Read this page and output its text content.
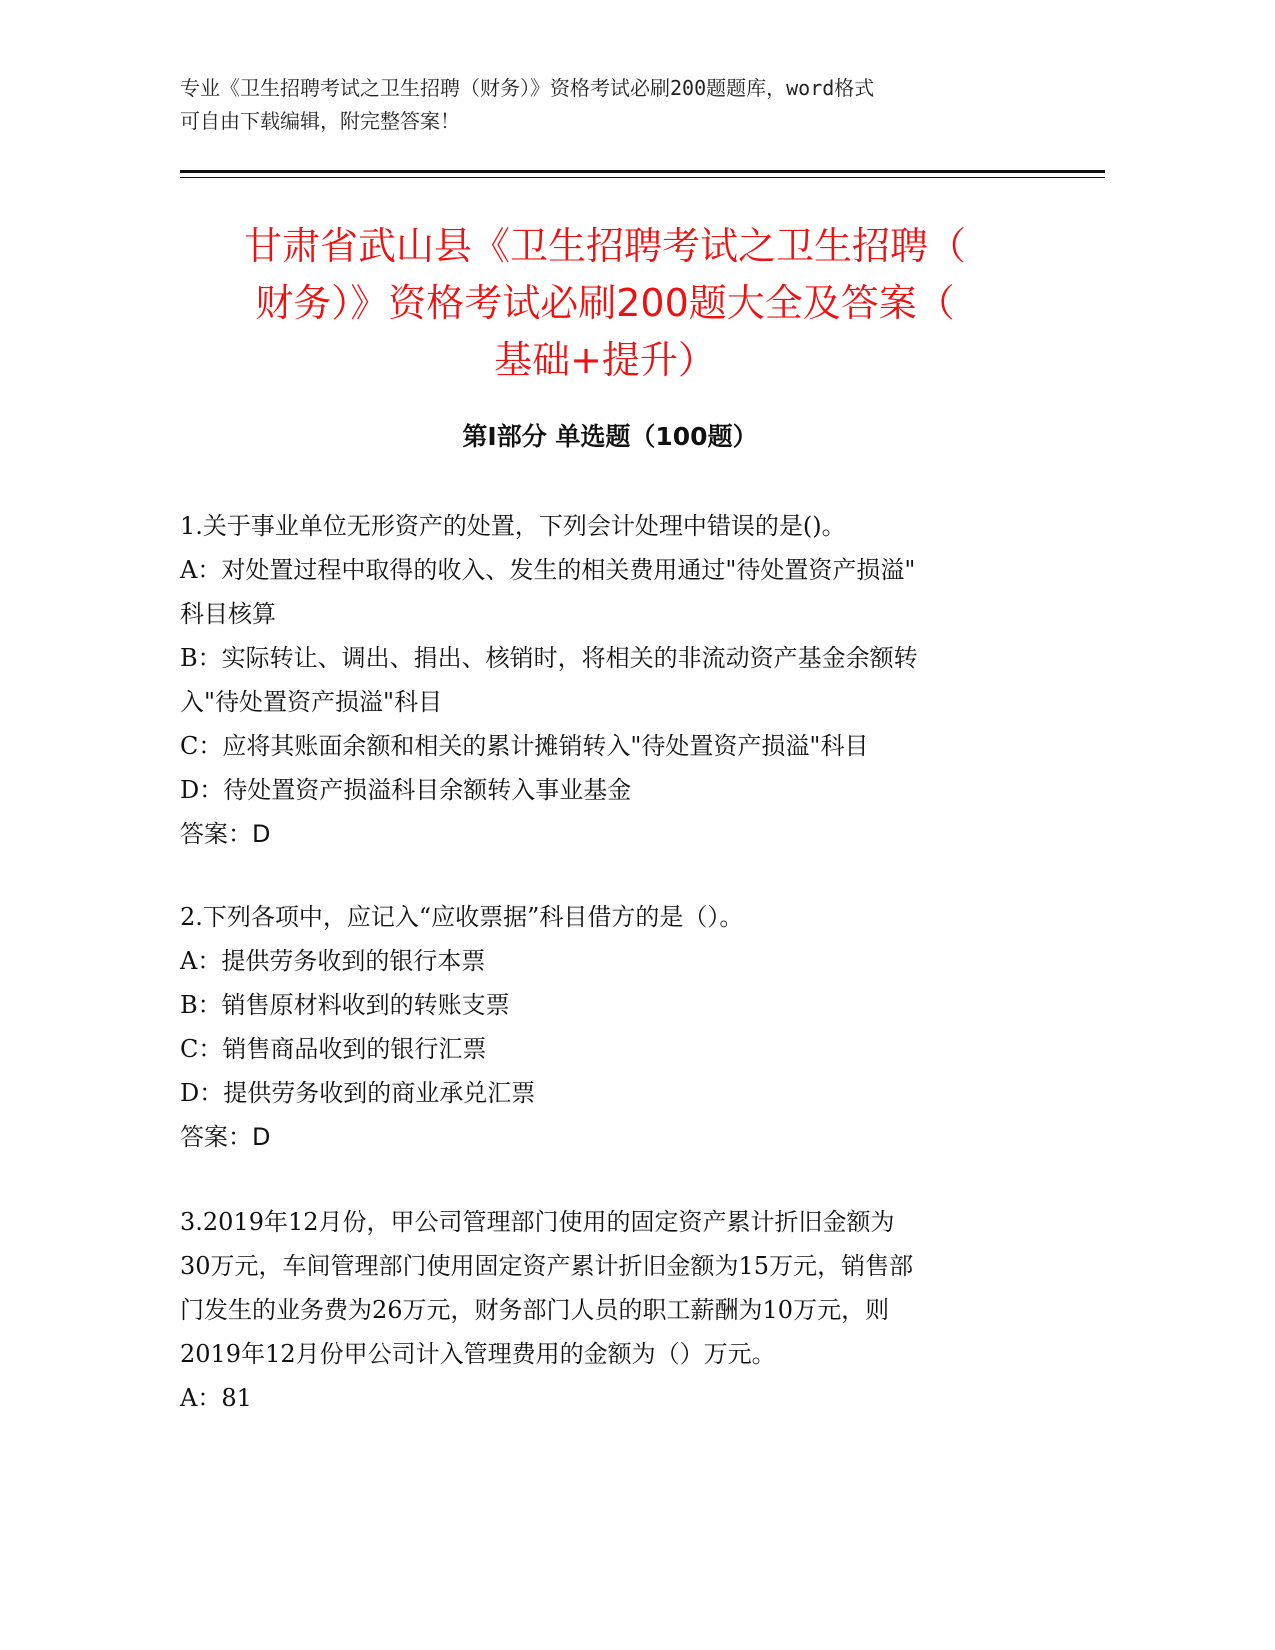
专业《卫生招聘考试之卫生招聘（财务）》资格考试必刷200题题库，word格式
可自由下载编辑，附完整答案！
甘肃省武山县《卫生招聘考试之卫生招聘（
财务）》资格考试必刷200题大全及答案（
基础+提升）
第Ⅰ部分 单选题（100题）
1.关于事业单位无形资产的处置，下列会计处理中错误的是()。
A：对处置过程中取得的收入、发生的相关费用通过"待处置资产损溢"
科目核算
B：实际转让、调出、捐出、核销时，将相关的非流动资产基金余额转
入"待处置资产损溢"科目
C：应将其账面余额和相关的累计摊销转入"待处置资产损溢"科目
D：待处置资产损溢科目余额转入事业基金
答案：D
2.下列各项中，应记入“应收票据”科目借方的是（）。
A：提供劳务收到的银行本票
B：销售原材料收到的转账支票
C：销售商品收到的银行汇票
D：提供劳务收到的商业承兑汇票
答案：D
3.2019年12月份，甲公司管理部门使用的固定资产累计折旧金额为
30万元，车间管理部门使用固定资产累计折旧金额为15万元，销售部
门发生的业务费为26万元，财务部门人员的职工薪酬为10万元，则
2019年12月份甲公司计入管理费用的金额为（）万元。
A：81
